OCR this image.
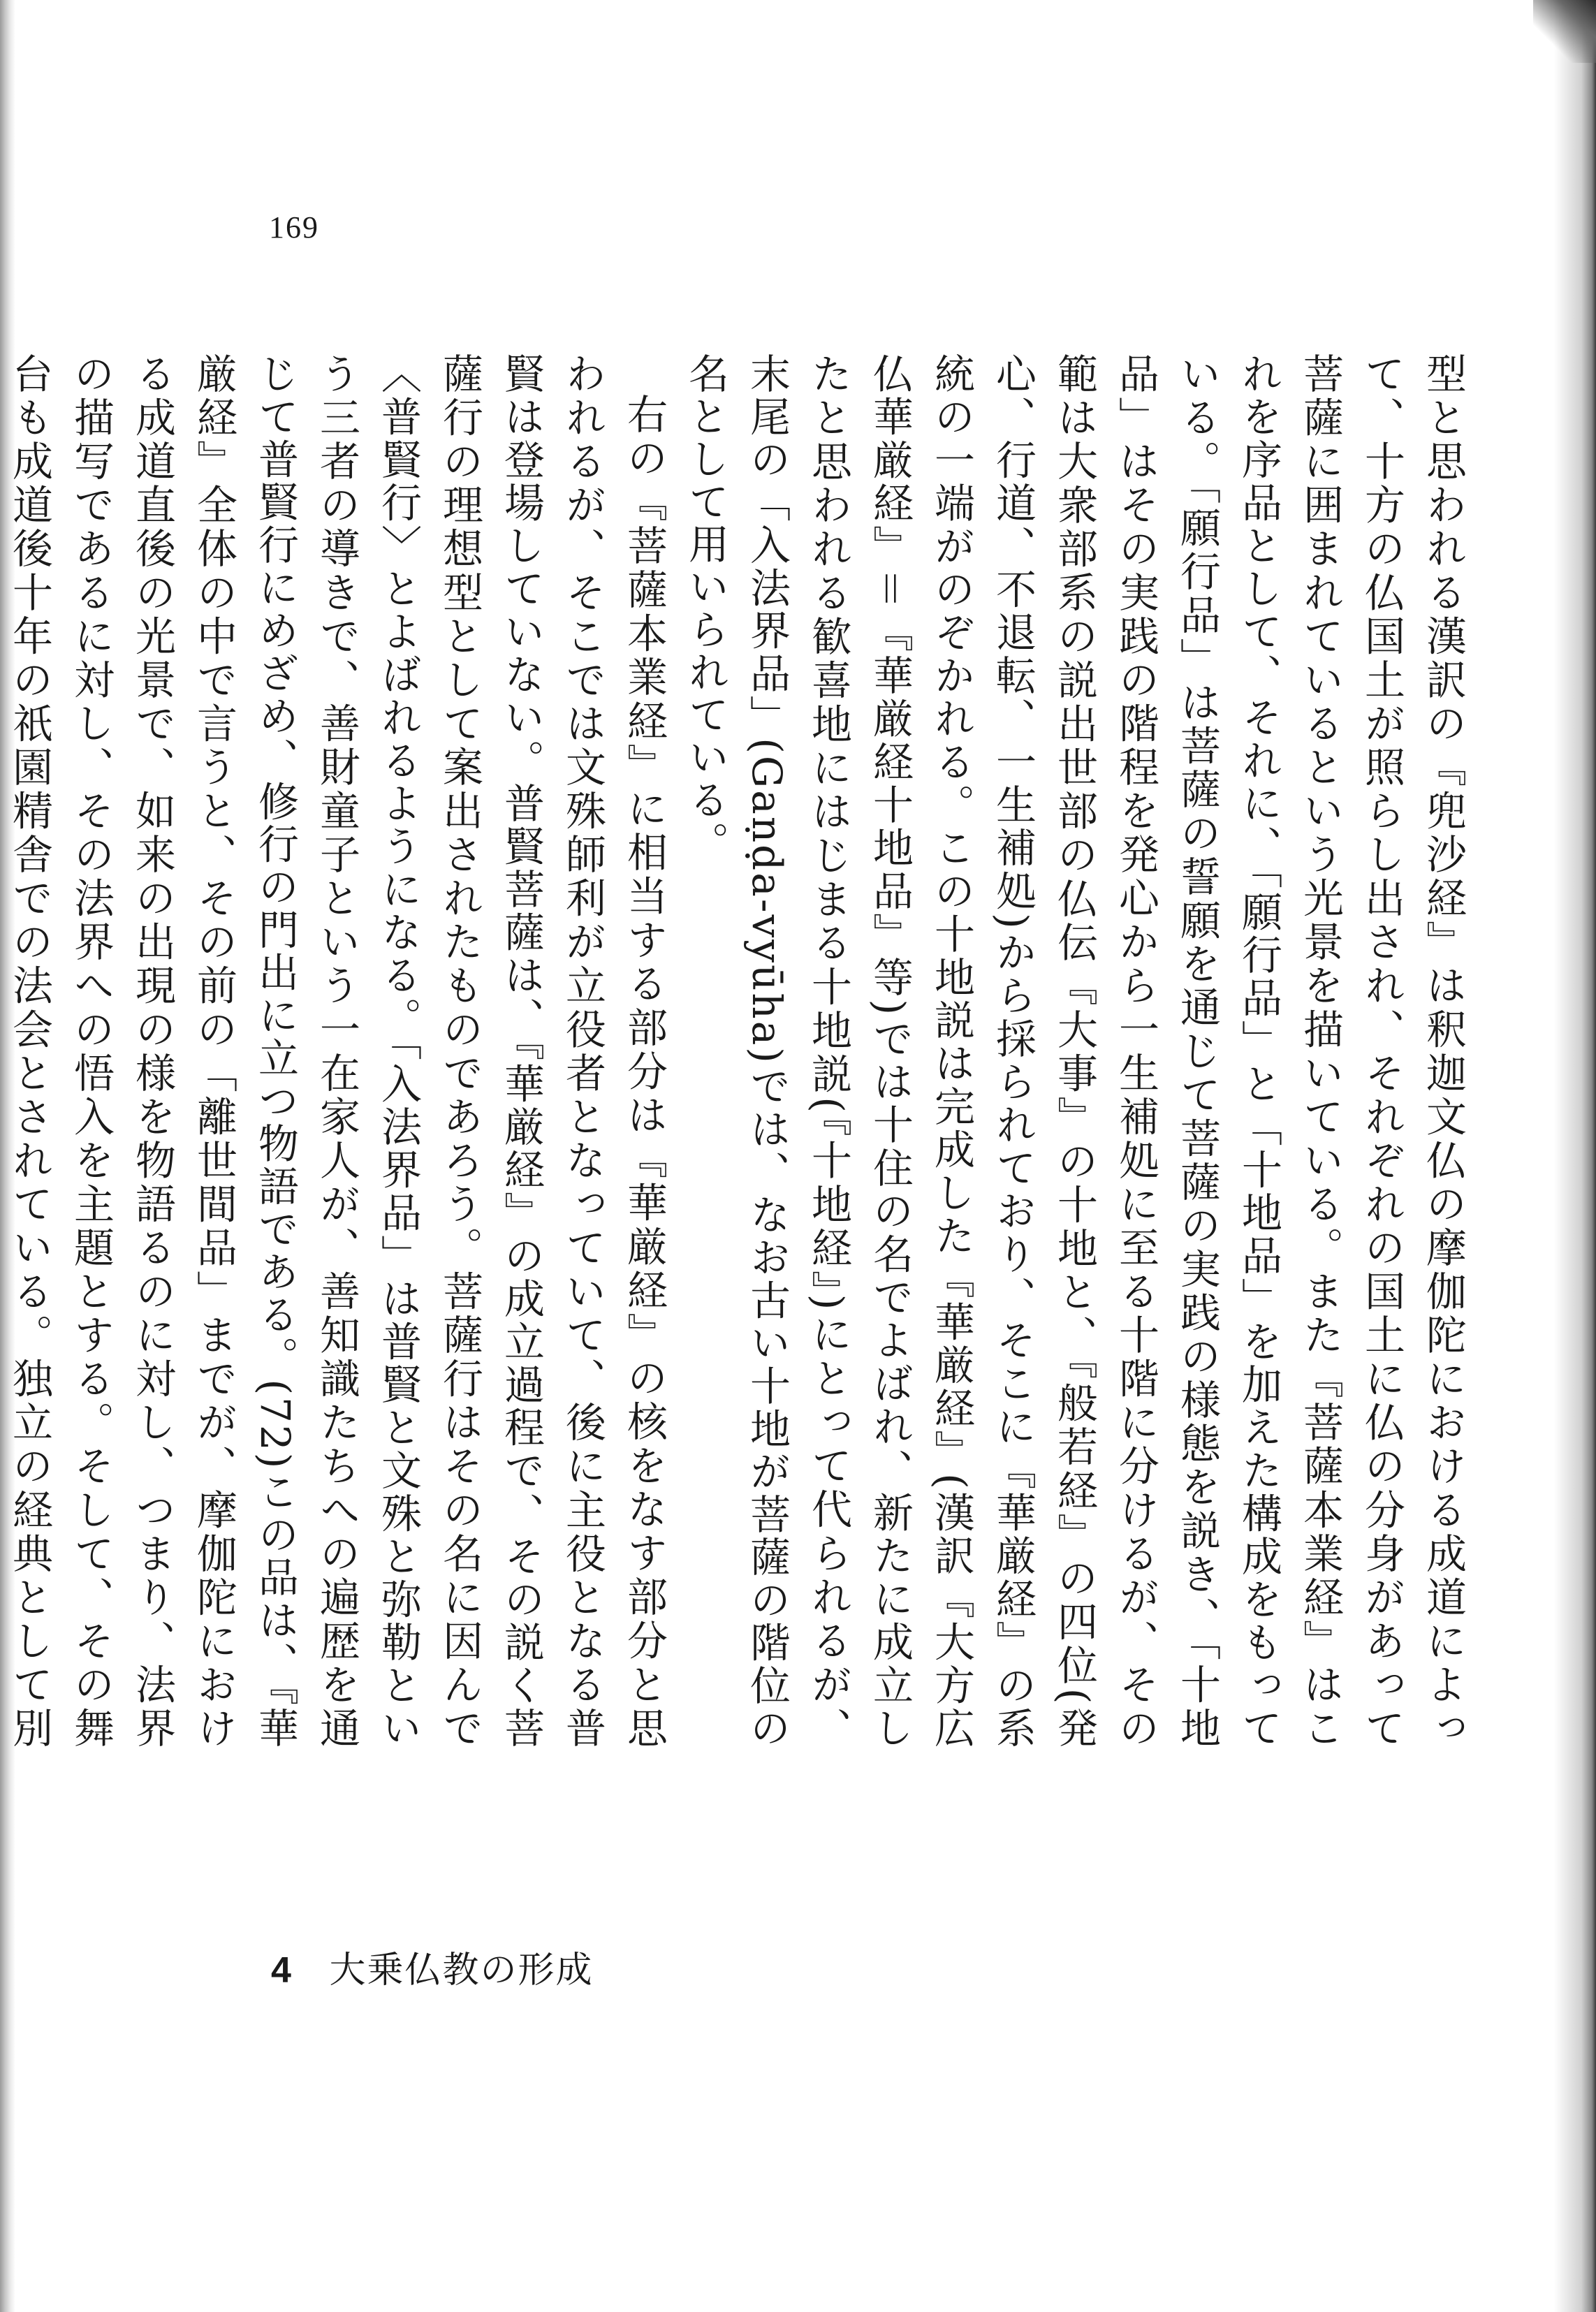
169

型と思われる漢訳の『兜沙経』は釈迦文仏の摩伽陀における成道によって、十方の仏国土が照らし出され、それぞれの国土に仏の分身があって菩薩に囲まれているという光景を描いている。また『菩薩本業経』はこれを序品として、それに、「願行品」と「十地品」を加えた構成をもっている。「願行品」は菩薩の誓願を通じて菩薩の実践の様態を説き、「十地品」はその実践の階程を発心から一生補処に至る十階に分けるが、その範は大衆部系の説出世部の仏伝『大事』の十地と、『般若経』の四位(発心、行道、不退転、一生補処)から採られており、そこに『華厳経』の系統の一端がのぞかれる。この十地説は完成した『華厳経』(漢訳『大方広仏華厳経』＝『華厳経十地品』等)では十住の名でよばれ、新たに成立したと思われる歓喜地にはじまる十地説(『十地経』)にとって代られるが、末尾の「入法界品」(Gaṇḍa-vyūha)では、なお古い十地が菩薩の階位の名として用いられている。

右の『菩薩本業経』に相当する部分は『華厳経』の核をなす部分と思われるが、そこでは文殊師利が立役者となっていて、後に主役となる普賢は登場していない。普賢菩薩は、『華厳経』の成立過程で、その説く菩薩行の理想型として案出されたものであろう。菩薩行はその名に因んで〈普賢行〉とよばれるようになる。「入法界品」は普賢と文殊と弥勒という三者の導きで、善財童子という一在家人が、善知識たちへの遍歴を通じて普賢行にめざめ、修行の門出に立つ物語である。(72)この品は、『華厳経』全体の中で言うと、その前の「離世間品」までが、摩伽陀における成道直後の光景で、如来の出現の様を物語るのに対し、つまり、法界の描写であるに対し、その法界への悟入を主題とする。そして、その舞台も成道後十年の祇園精舎での法会とされている。独立の経典として別

4 大乗仏教の形成
